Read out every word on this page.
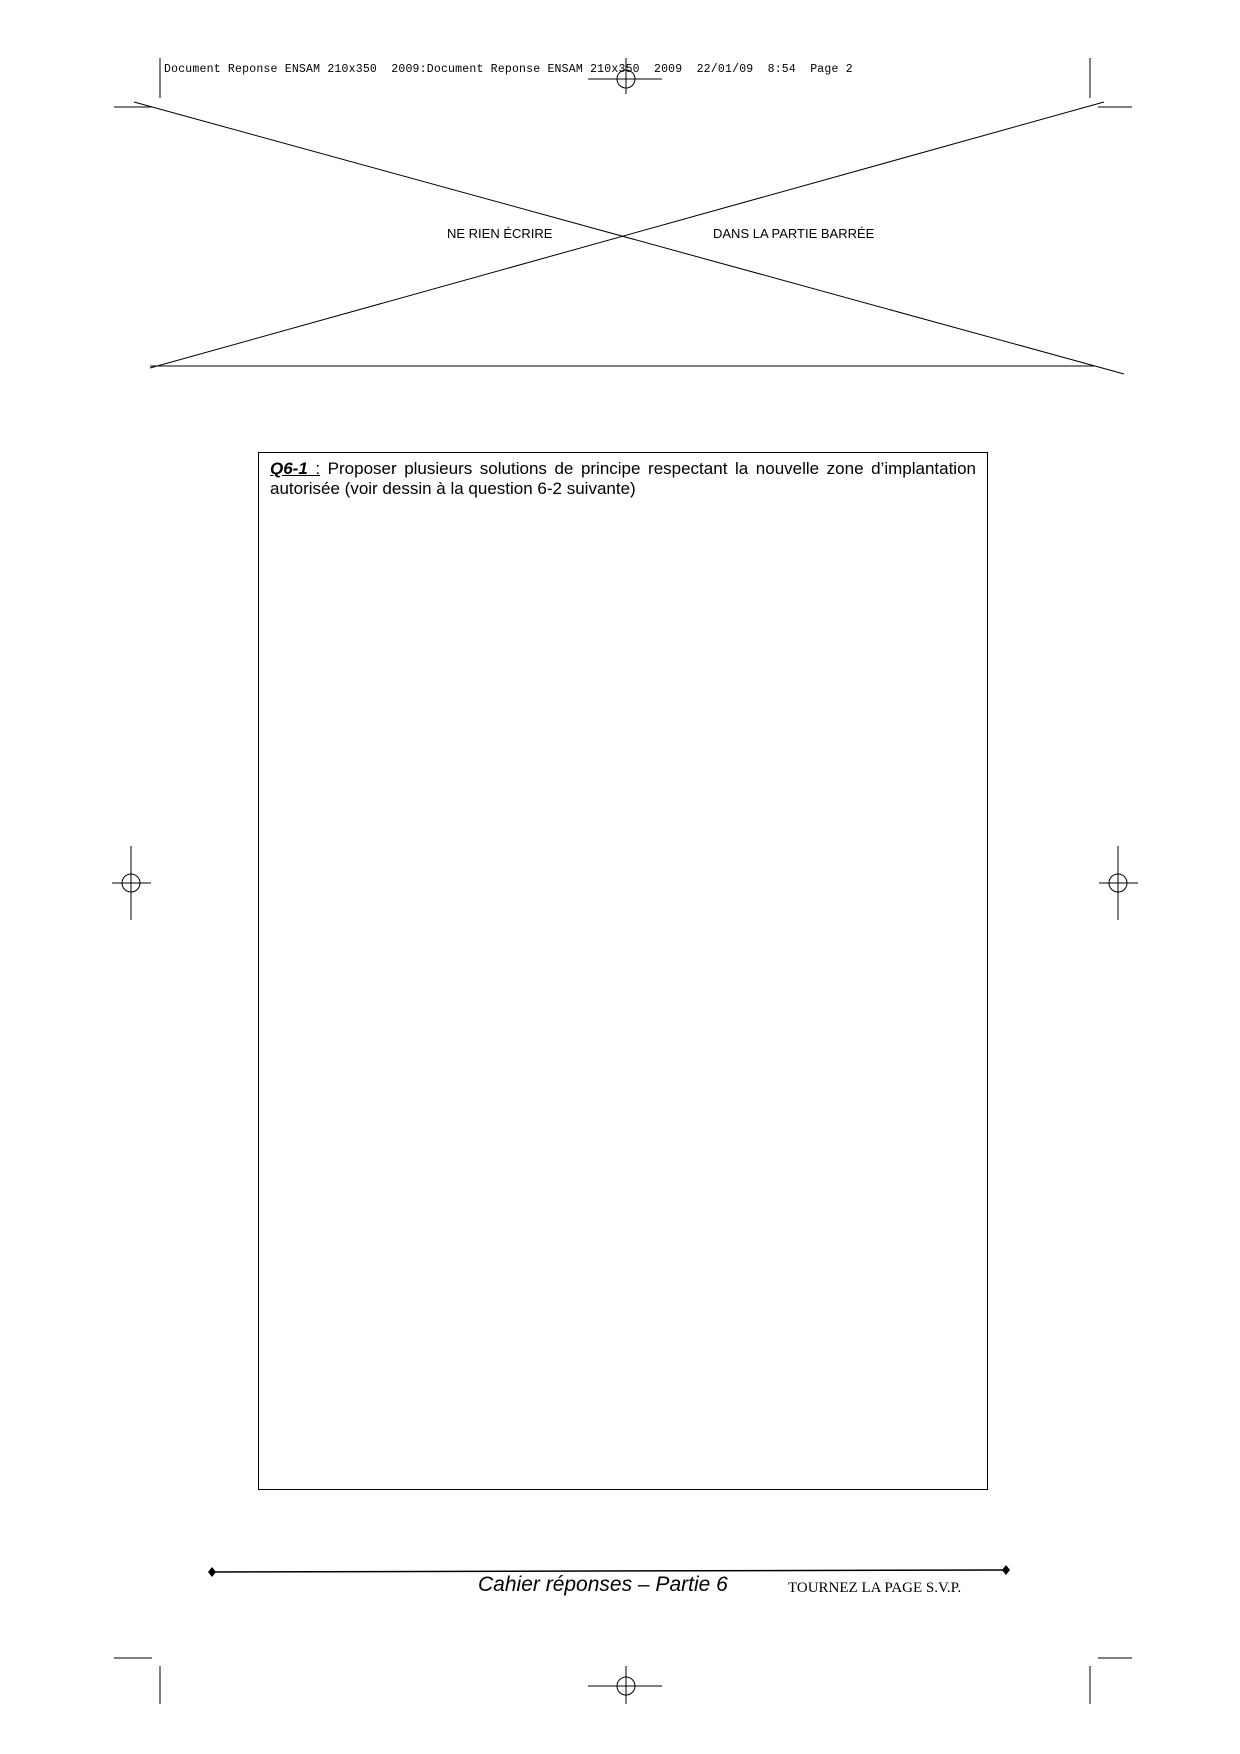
Document Reponse ENSAM 210x350  2009:Document Reponse ENSAM 210x350  2009  22/01/09  8:54  Page 2
NE RIEN ÉCRIRE	DANS LA PARTIE BARRÉE
Q6-1 : Proposer plusieurs solutions de principe respectant la nouvelle zone d’implantation autorisée (voir dessin à la question 6-2 suivante)
Cahier réponses – Partie 6	TOURNEZ LA PAGE S.V.P.
